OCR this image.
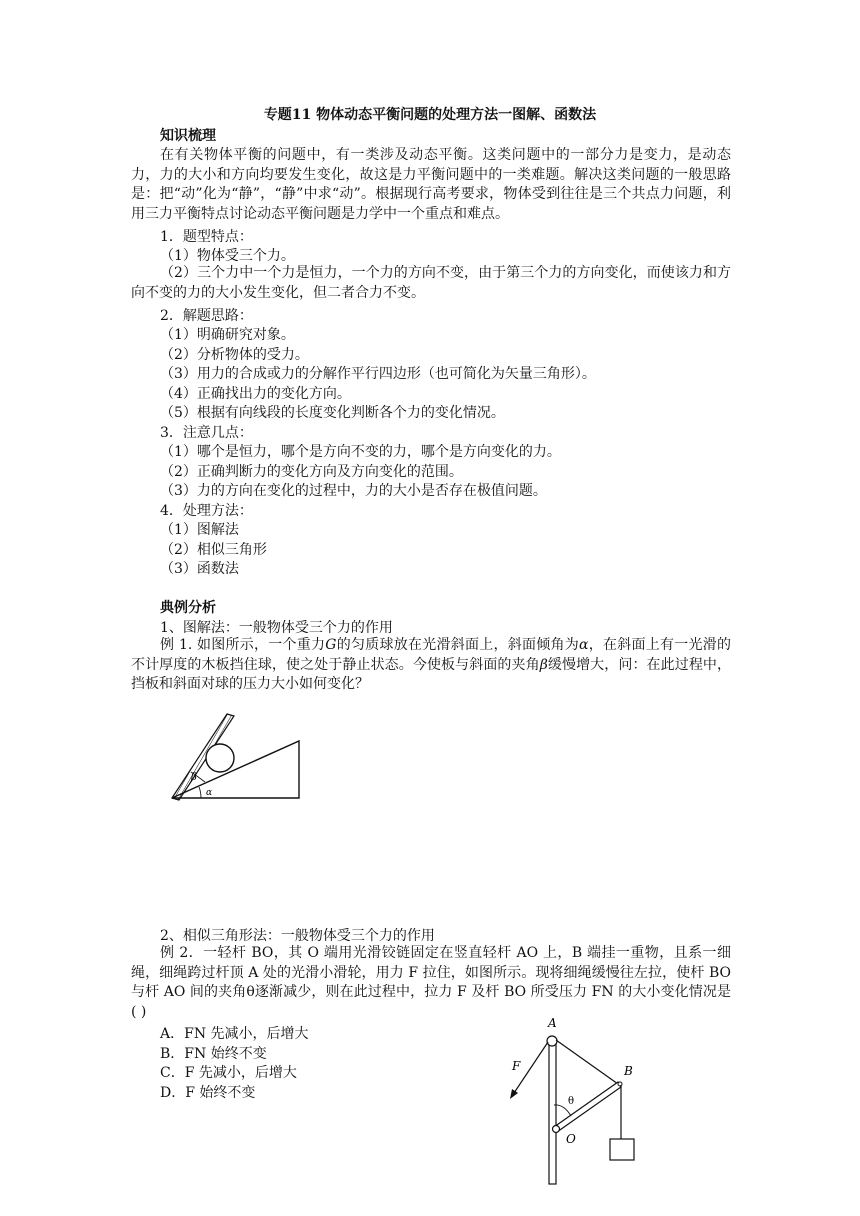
专题11 物体动态平衡问题的处理方法一图解、函数法
知识梳理
在有关物体平衡的问题中，有一类涉及动态平衡。这类问题中的一部分力是变力，是动态力，力的大小和方向均要发生变化，故这是力平衡问题中的一类难题。解决这类问题的一般思路是：把“动”化为“静”，“静”中求“动”。根据现行高考要求，物体受到往往是三个共点力问题，利用三力平衡特点讨论动态平衡问题是力学中一个重点和难点。
1．题型特点：
（1）物体受三个力。
（2）三个力中一个力是恒力，一个力的方向不变，由于第三个力的方向变化，而使该力和方向不变的力的大小发生变化，但二者合力不变。
2．解题思路：
（1）明确研究对象。
（2）分析物体的受力。
（3）用力的合成或力的分解作平行四边形（也可简化为矢量三角形）。
（4）正确找出力的变化方向。
（5）根据有向线段的长度变化判断各个力的变化情况。
3．注意几点：
（1）哪个是恒力，哪个是方向不变的力，哪个是方向变化的力。
（2）正确判断力的变化方向及方向变化的范围。
（3）力的方向在变化的过程中，力的大小是否存在极值问题。
4．处理方法：
（1）图解法
（2）相似三角形
（3）函数法
典例分析
1、图解法：一般物体受三个力的作用
例 1. 如图所示，一个重力G的匀质球放在光滑斜面上，斜面倾角为α，在斜面上有一光滑的不计厚度的木板挡住球，使之处于静止状态。今使板与斜面的夹角β缓慢增大，问：在此过程中，挡板和斜面对球的压力大小如何变化？
β
α
2、相似三角形法：一般物体受三个力的作用
例 2．一轻杆 BO，其 O 端用光滑铰链固定在竖直轻杆 AO 上，B 端挂一重物，且系一细绳，细绳跨过杆顶 A 处的光滑小滑轮，用力 F 拉住，如图所示。现将细绳缓慢往左拉，使杆 BO 与杆 AO 间的夹角θ逐渐减少，则在此过程中，拉力 F 及杆 BO 所受压力 FN 的大小变化情况是( )
A．FN 先减小，后增大
B．FN 始终不变
C．F 先减小，后增大
D．F 始终不变
A
B
F
O
θ
